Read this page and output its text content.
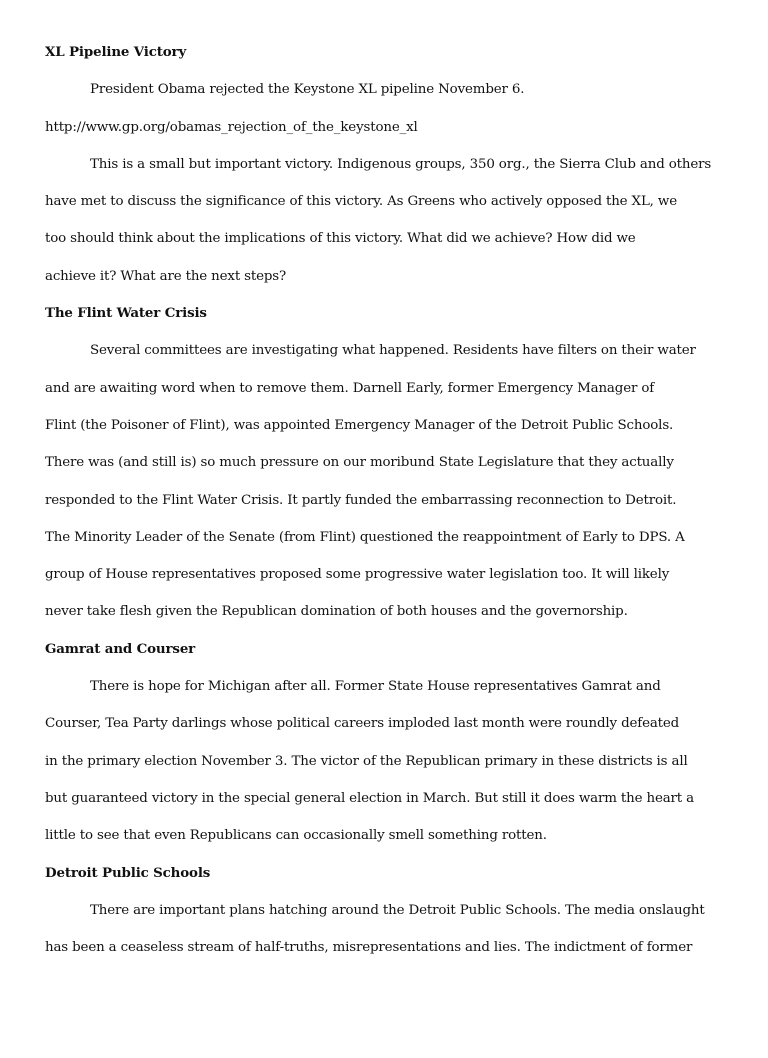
XL Pipeline Victory
President Obama rejected the Keystone XL pipeline November 6.
http://www.gp.org/obamas_rejection_of_the_keystone_xl
This is a small but important victory. Indigenous groups, 350 org., the Sierra Club and others
have met to discuss the significance of this victory. As Greens who actively opposed the XL, we
too should think about the implications of this victory. What did we achieve? How did we
achieve it? What are the next steps?
The Flint Water Crisis
Several committees are investigating what happened. Residents have filters on their water
and are awaiting word when to remove them. Darnell Early, former Emergency Manager of
Flint (the Poisoner of Flint), was appointed Emergency Manager of the Detroit Public Schools.
There was (and still is) so much pressure on our moribund State Legislature that they actually
responded to the Flint Water Crisis. It partly funded the embarrassing reconnection to Detroit.
The Minority Leader of the Senate (from Flint) questioned the reappointment of Early to DPS. A
group of House representatives proposed some progressive water legislation too. It will likely
never take flesh given the Republican domination of both houses and the governorship.
Gamrat and Courser
There is hope for Michigan after all. Former State House representatives Gamrat and
Courser, Tea Party darlings whose political careers imploded last month were roundly defeated
in the primary election November 3. The victor of the Republican primary in these districts is all
but guaranteed victory in the special general election in March. But still it does warm the heart a
little to see that even Republicans can occasionally smell something rotten.
Detroit Public Schools
There are important plans hatching around the Detroit Public Schools. The media onslaught
has been a ceaseless stream of half-truths, misrepresentations and lies. The indictment of former
